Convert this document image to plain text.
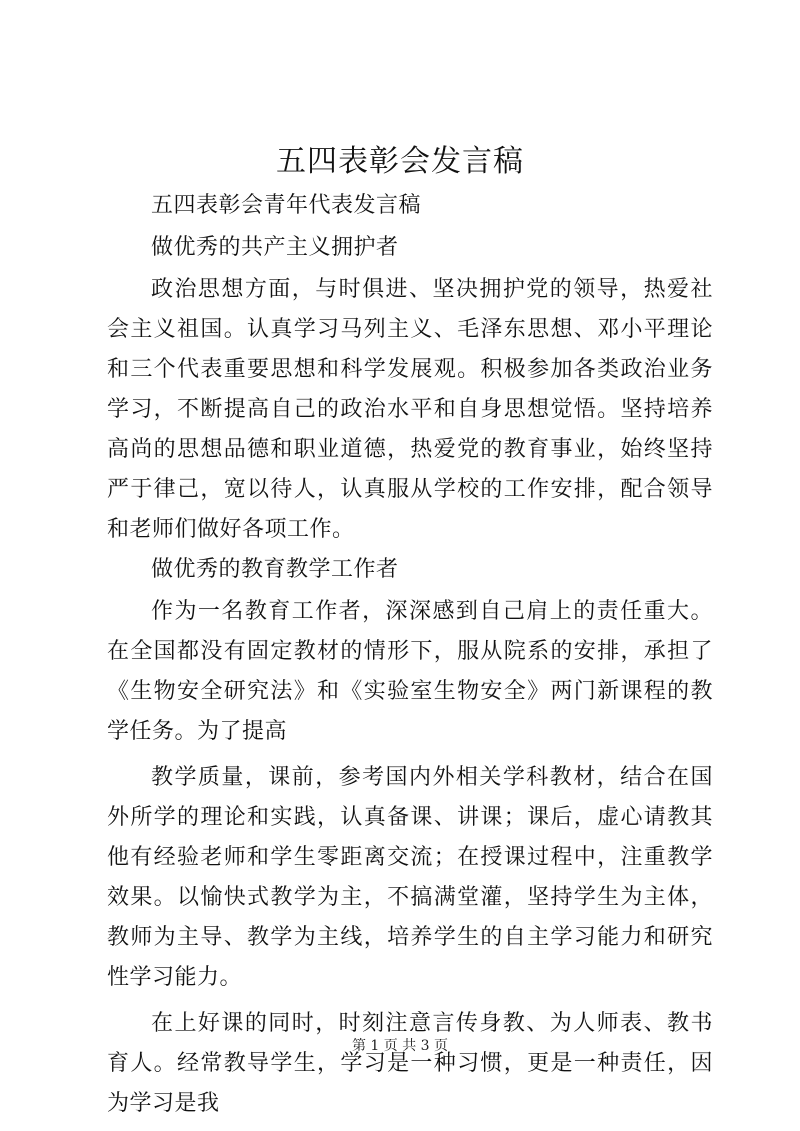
五四表彰会发言稿

五四表彰会青年代表发言稿

做优秀的共产主义拥护者

政治思想方面，与时俱进、坚决拥护党的领导，热爱社会主义祖国。认真学习马列主义、毛泽东思想、邓小平理论和三个代表重要思想和科学发展观。积极参加各类政治业务学习，不断提高自己的政治水平和自身思想觉悟。坚持培养高尚的思想品德和职业道德，热爱党的教育事业，始终坚持严于律己，宽以待人，认真服从学校的工作安排，配合领导和老师们做好各项工作。

做优秀的教育教学工作者

作为一名教育工作者，深深感到自己肩上的责任重大。在全国都没有固定教材的情形下，服从院系的安排，承担了《生物安全研究法》和《实验室生物安全》两门新课程的教学任务。为了提高

教学质量，课前，参考国内外相关学科教材，结合在国外所学的理论和实践，认真备课、讲课；课后，虚心请教其他有经验老师和学生零距离交流；在授课过程中，注重教学效果。以愉快式教学为主，不搞满堂灌，坚持学生为主体，教师为主导、教学为主线，培养学生的自主学习能力和研究性学习能力。

在上好课的同时，时刻注意言传身教、为人师表、教书育人。经常教导学生，学习是一种习惯，更是一种责任，因为学习是我

第 1 页 共 3 页
